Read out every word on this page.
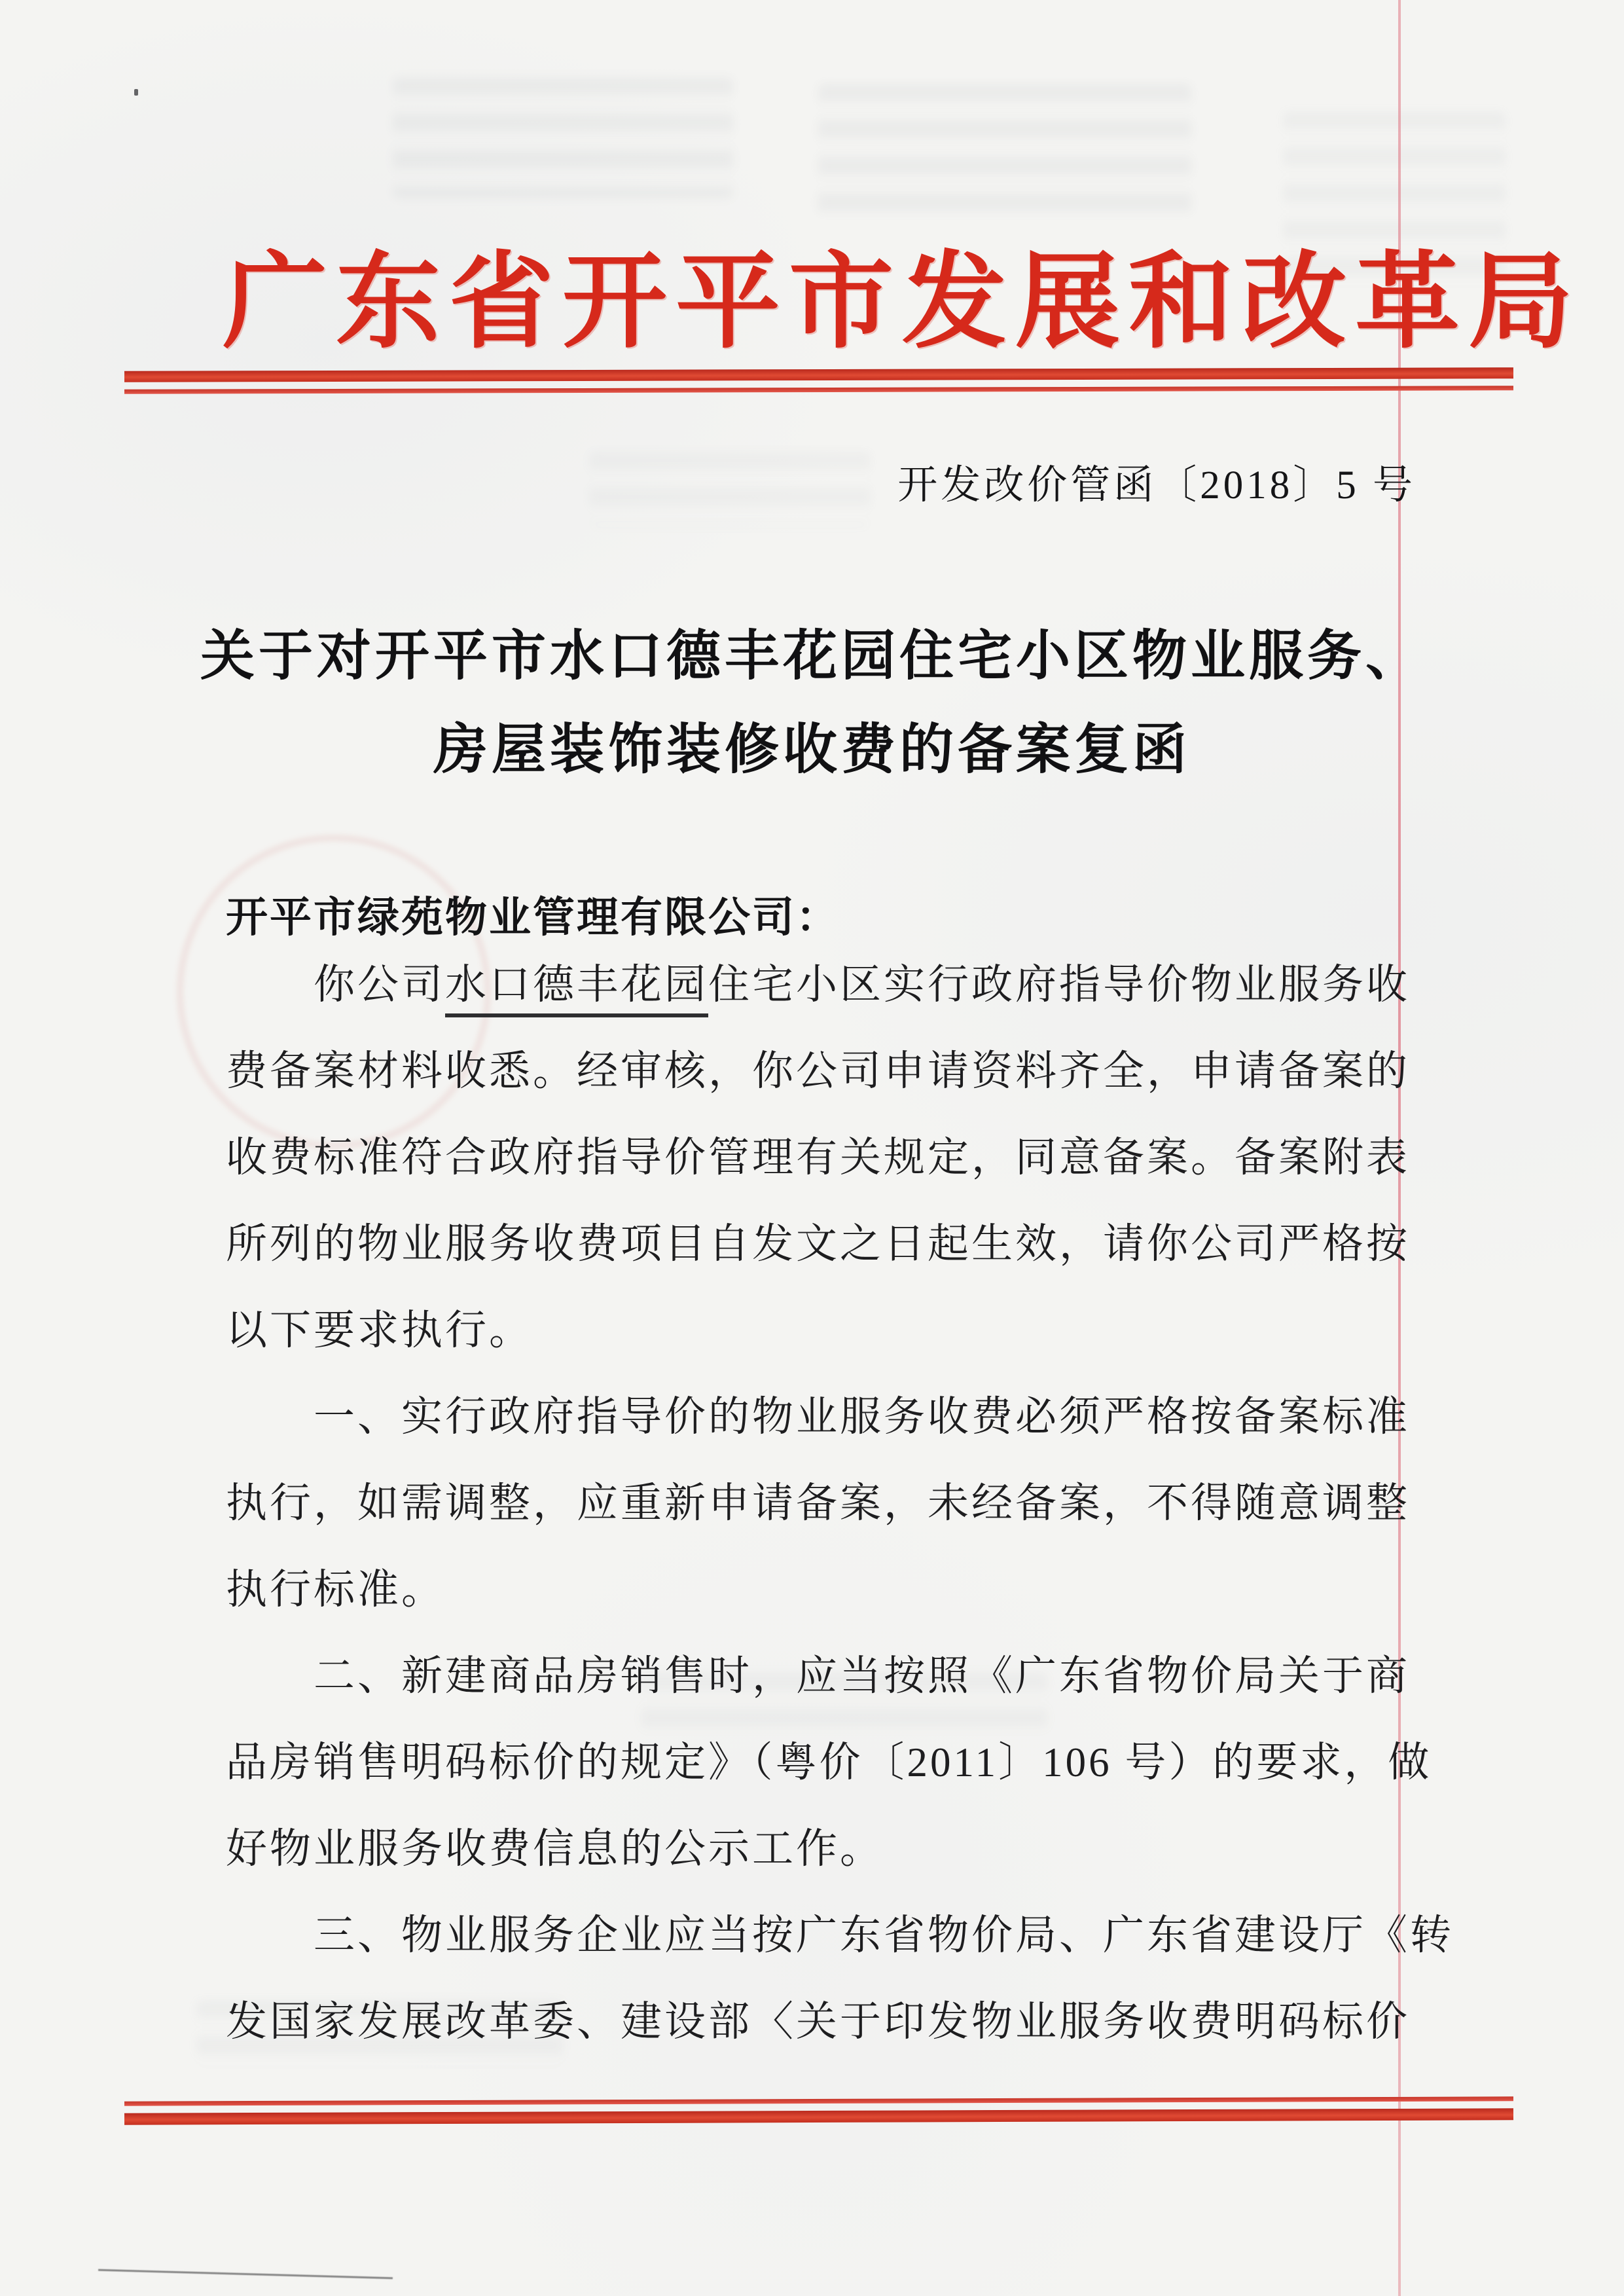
广东省开平市发展和改革局
开发改价管函〔2018〕5 号
关于对开平市水口德丰花园住宅小区物业服务、
房屋装饰装修收费的备案复函
开平市绿苑物业管理有限公司：
你公司水口德丰花园住宅小区实行政府指导价物业服务收
费备案材料收悉。经审核，你公司申请资料齐全，申请备案的
收费标准符合政府指导价管理有关规定，同意备案。备案附表
所列的物业服务收费项目自发文之日起生效，请你公司严格按
以下要求执行。
一、实行政府指导价的物业服务收费必须严格按备案标准
执行，如需调整，应重新申请备案，未经备案，不得随意调整
执行标准。
二、新建商品房销售时，应当按照《广东省物价局关于商
品房销售明码标价的规定》（粤价〔2011〕106 号）的要求，做
好物业服务收费信息的公示工作。
三、物业服务企业应当按广东省物价局、广东省建设厅《转
发国家发展改革委、建设部〈关于印发物业服务收费明码标价
